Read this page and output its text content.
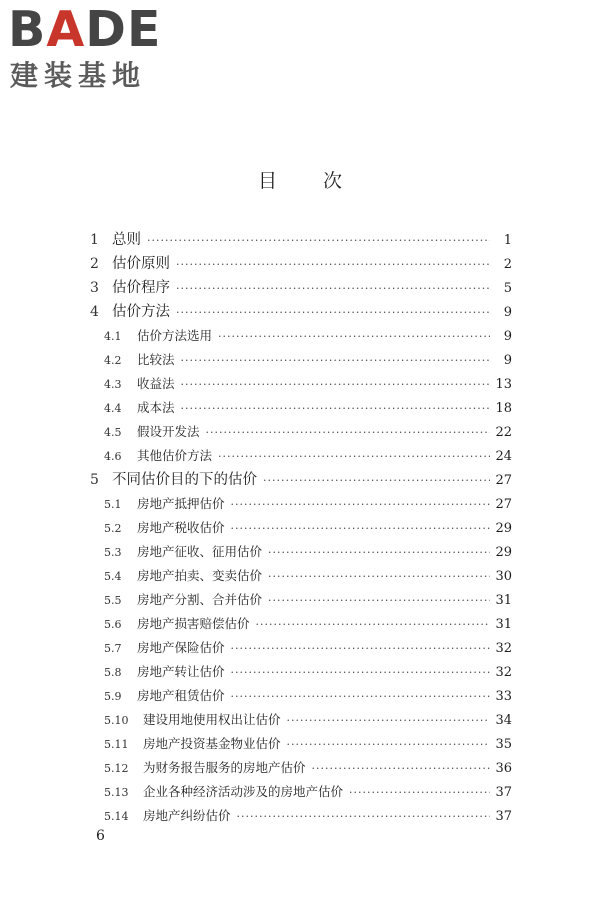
BADE
建装基地
目 次
1 总则 ·····	1
2 估价原则 ·····	2
3 估价程序 ·····	5
4 估价方法 ·····	9
4.1	估价方法选用 ·····	9
4.2	比较法 ·····	9
4.3	收益法 ·····	13
4.4	成本法 ·····	18
4.5	假设开发法 ·····	22
4.6	其他估价方法 ·····	24
5 不同估价目的下的估价 ·····	27
5.1	房地产抵押估价 ·····	27
5.2	房地产税收估价 ·····	29
5.3	房地产征收、征用估价 ·····	29
5.4	房地产拍卖、变卖估价 ·····	30
5.5	房地产分割、合并估价 ·····	31
5.6	房地产损害赔偿估价 ·····	31
5.7	房地产保险估价 ·····	32
5.8	房地产转让估价 ·····	32
5.9	房地产租赁估价 ·····	33
5.10	建设用地使用权出让估价 ·····	34
5.11	房地产投资基金物业估价 ·····	35
5.12	为财务报告服务的房地产估价 ·····	36
5.13	企业各种经济活动涉及的房地产估价 ·····	37
5.14	房地产纠纷估价 ·····	37
6
